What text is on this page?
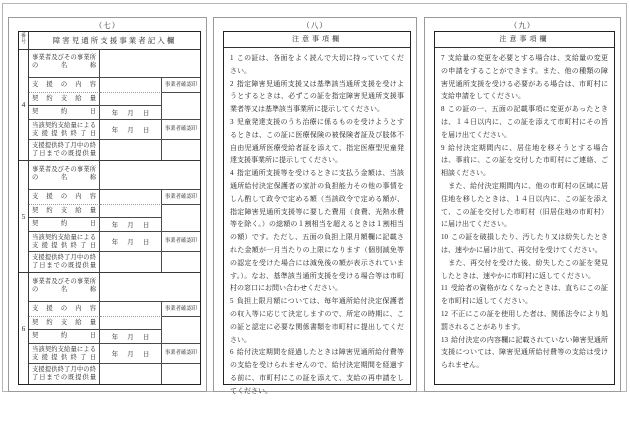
（七）
番号	障害児通所支援事業者記入欄
4
事業者及びその事業所の名称
支援の内容	事業者確認印
契約支給量
契約日	年 月 日
当該契約支給量による支援提供終了日	年 月 日	事業者確認印
支援提供終了月中の終了日までの既提供量
5
事業者及びその事業所の名称
支援の内容	事業者確認印
契約支給量
契約日	年 月 日
当該契約支給量による支援提供終了日	年 月 日	事業者確認印
支援提供終了月中の終了日までの既提供量
6
事業者及びその事業所の名称
支援の内容	事業者確認印
契約支給量
契約日	年 月 日
当該契約支給量による支援提供終了日	年 月 日	事業者確認印
支援提供終了月中の終了日までの既提供量
（八）
注意事項欄

1 この証は、各面をよく読んで大切に持っていてください。

2 指定障害児通所支援又は基準該当通所支援を受けようとするときは、必ずこの証を指定障害児通所支援事業者等又は基準該当事業所に提示してください。

3 児童発達支援のうち治療に係るものを受けようとするときは、この証に医療保険の被保険者証及び肢体不自由児通所医療受給者証を添えて、指定医療型児童発達支援事業所に提示してください。

4 指定通所支援等を受けるときに支払う金額は、当該通所給付決定保護者の家計の負担能力その他の事情をしん酌して政令で定める額（当該政令で定める額が、指定障害児通所支援等に要した費用（食費、光熱水費等を除く。）の総額の１割相当を超えるときは１割相当の額）です。ただし、五面の負担上限月額欄に記載された金額が一月当たりの上限になります（個別減免等の認定を受けた場合には減免後の額が表示されています。）。なお、基準該当通所支援を受ける場合等は市町村の窓口にお問い合わせください。

5 負担上限月額については、毎年通所給付決定保護者の収入等に応じて決定しますので、所定の時期に、この証と認定に必要な関係書類を市町村に提出してください。

6 給付決定期間を経過したときは障害児通所給付費等の支給を受けられませんので、給付決定期間を経過する前に、市町村にこの証を添えて、支給の再申請をしてください。

（九）
注意事項欄

7 支給量の変更を必要とする場合は、支給量の変更の申請をすることができます。また、他の種類の障害児通所支援を受ける必要がある場合は、市町村に支給申請をしてください。

8 この証の一、五面の記載事項に変更があったときは、１４日以内に、この証を添えて市町村にその旨を届け出てください。

9 給付決定期間内に、居住地を移そうとする場合は、事前に、この証を交付した市町村にご連絡、ご相談ください。

　また、給付決定期間内に、他の市町村の区域に居住地を移したときは、１４日以内に、この証を添えて、この証を交付した市町村（旧居住地の市町村）に届け出てください。

10 この証を破損したり、汚したり又は紛失したときは、速やかに届け出て、再交付を受けてください。

　また、再交付を受けた後、紛失したこの証を発見したときは、速やかに市町村に返してください。

11 受給者の資格がなくなったときは、直ちにこの証を市町村に返してください。

12 不正にこの証を使用した者は、関係法令により処罰されることがあります。

13 給付決定の内容欄に記載されていない障害児通所支援については、障害児通所給付費等の支給は受けられません。
